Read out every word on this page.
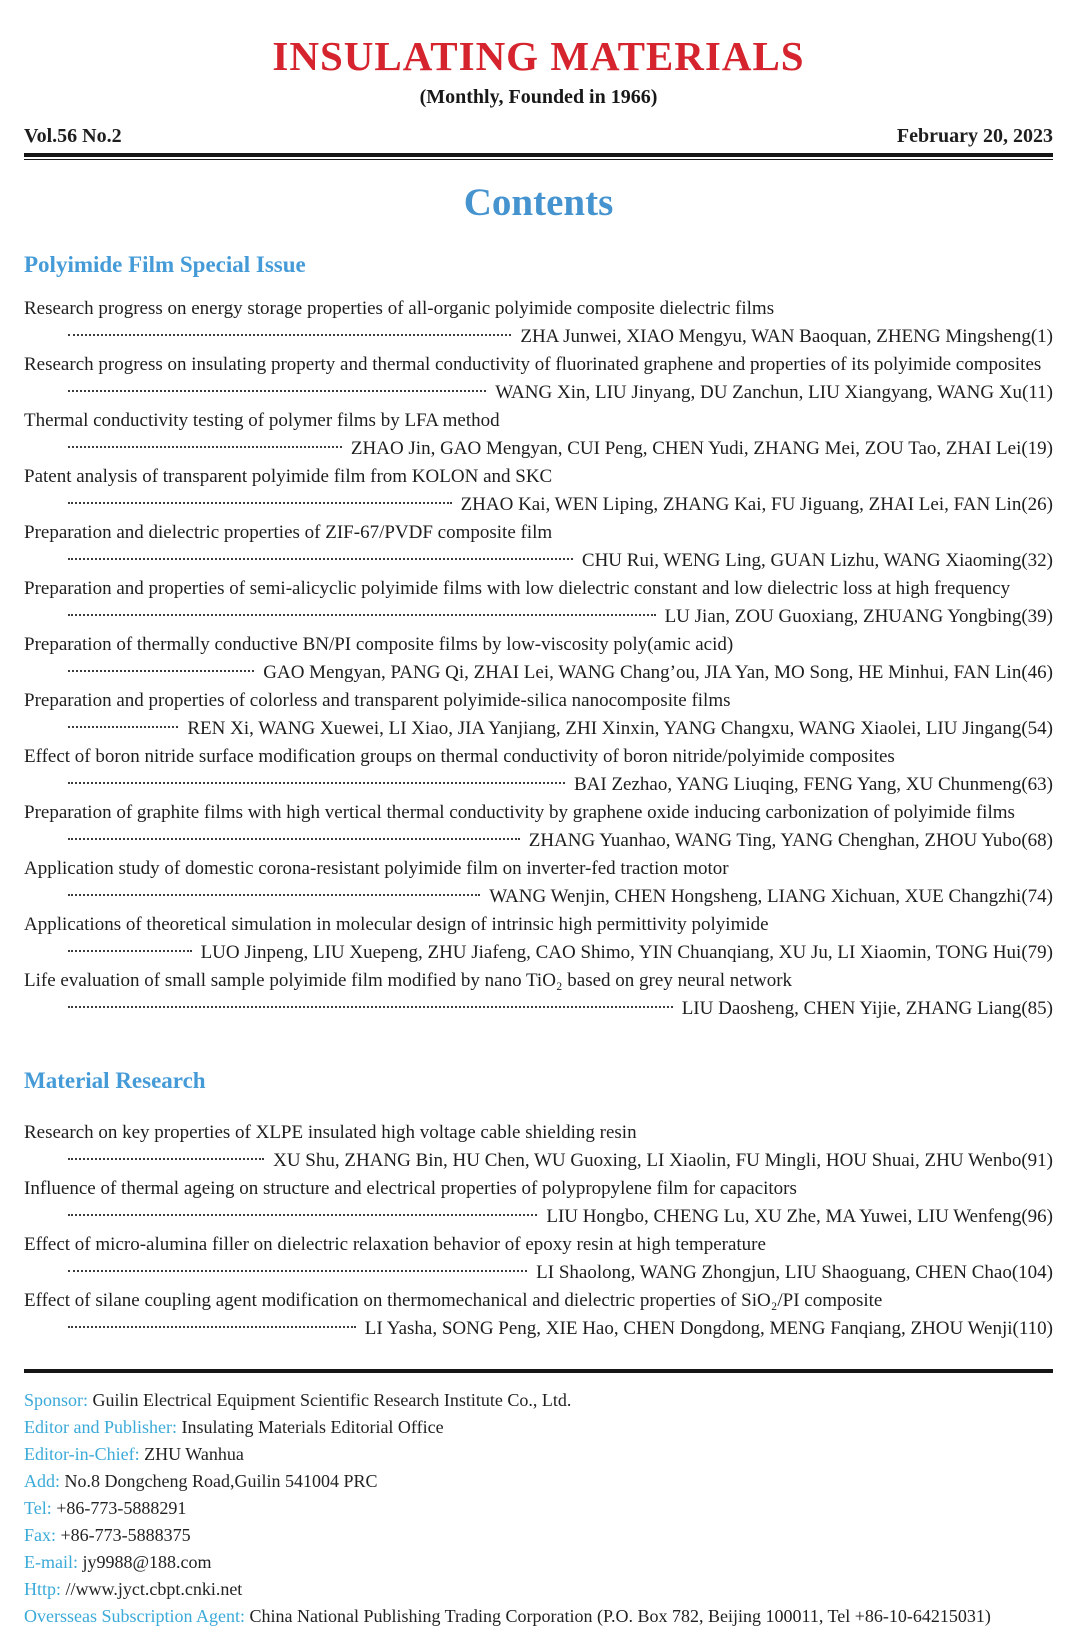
INSULATING MATERIALS
(Monthly, Founded in 1966)
Vol.56 No.2	February 20, 2023
Contents
Polyimide Film Special Issue
Research progress on energy storage properties of all-organic polyimide composite dielectric films
ZHA Junwei, XIAO Mengyu, WAN Baoquan, ZHENG Mingsheng(1)
Research progress on insulating property and thermal conductivity of fluorinated graphene and properties of its polyimide composites
WANG Xin, LIU Jinyang, DU Zanchun, LIU Xiangyang, WANG Xu(11)
Thermal conductivity testing of polymer films by LFA method
ZHAO Jin, GAO Mengyan, CUI Peng, CHEN Yudi, ZHANG Mei, ZOU Tao, ZHAI Lei(19)
Patent analysis of transparent polyimide film from KOLON and SKC
ZHAO Kai, WEN Liping, ZHANG Kai, FU Jiguang, ZHAI Lei, FAN Lin(26)
Preparation and dielectric properties of ZIF-67/PVDF composite film
CHU Rui, WENG Ling, GUAN Lizhu, WANG Xiaoming(32)
Preparation and properties of semi-alicyclic polyimide films with low dielectric constant and low dielectric loss at high frequency
LU Jian, ZOU Guoxiang, ZHUANG Yongbing(39)
Preparation of thermally conductive BN/PI composite films by low-viscosity poly(amic acid)
GAO Mengyan, PANG Qi, ZHAI Lei, WANG Chang’ou, JIA Yan, MO Song, HE Minhui, FAN Lin(46)
Preparation and properties of colorless and transparent polyimide-silica nanocomposite films
REN Xi, WANG Xuewei, LI Xiao, JIA Yanjiang, ZHI Xinxin, YANG Changxu, WANG Xiaolei, LIU Jingang(54)
Effect of boron nitride surface modification groups on thermal conductivity of boron nitride/polyimide composites
BAI Zezhao, YANG Liuqing, FENG Yang, XU Chunmeng(63)
Preparation of graphite films with high vertical thermal conductivity by graphene oxide inducing carbonization of polyimide films
ZHANG Yuanhao, WANG Ting, YANG Chenghan, ZHOU Yubo(68)
Application study of domestic corona-resistant polyimide film on inverter-fed traction motor
WANG Wenjin, CHEN Hongsheng, LIANG Xichuan, XUE Changzhi(74)
Applications of theoretical simulation in molecular design of intrinsic high permittivity polyimide
LUO Jinpeng, LIU Xuepeng, ZHU Jiafeng, CAO Shimo, YIN Chuanqiang, XU Ju, LI Xiaomin, TONG Hui(79)
Life evaluation of small sample polyimide film modified by nano TiO₂ based on grey neural network
LIU Daosheng, CHEN Yijie, ZHANG Liang(85)
Material Research
Research on key properties of XLPE insulated high voltage cable shielding resin
XU Shu, ZHANG Bin, HU Chen, WU Guoxing, LI Xiaolin, FU Mingli, HOU Shuai, ZHU Wenbo(91)
Influence of thermal ageing on structure and electrical properties of polypropylene film for capacitors
LIU Hongbo, CHENG Lu, XU Zhe, MA Yuwei, LIU Wenfeng(96)
Effect of micro-alumina filler on dielectric relaxation behavior of epoxy resin at high temperature
LI Shaolong, WANG Zhongjun, LIU Shaoguang, CHEN Chao(104)
Effect of silane coupling agent modification on thermomechanical and dielectric properties of SiO₂/PI composite
LI Yasha, SONG Peng, XIE Hao, CHEN Dongdong, MENG Fanqiang, ZHOU Wenji(110)
Sponsor: Guilin Electrical Equipment Scientific Research Institute Co., Ltd.
Editor and Publisher: Insulating Materials Editorial Office
Editor-in-Chief: ZHU Wanhua
Add: No.8 Dongcheng Road,Guilin 541004 PRC
Tel: +86-773-5888291
Fax: +86-773-5888375
E-mail: jy9988@188.com
Http: //www.jyct.cbpt.cnki.net
Oversseas Subscription Agent: China National Publishing Trading Corporation (P.O. Box 782, Beijing 100011, Tel +86-10-64215031)
